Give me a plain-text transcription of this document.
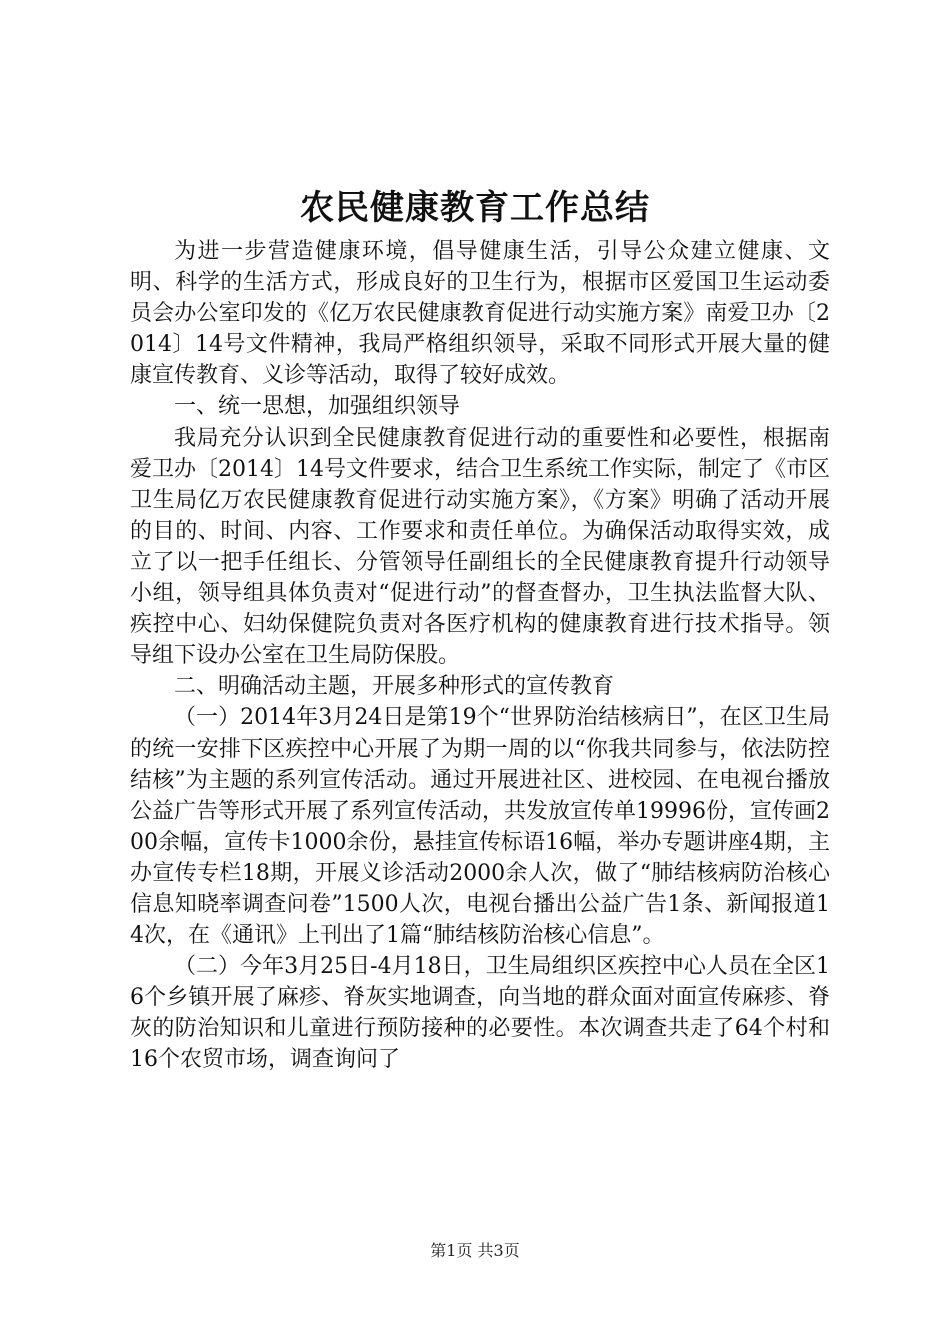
农民健康教育工作总结

为进一步营造健康环境，倡导健康生活，引导公众建立健康、文明、科学的生活方式，形成良好的卫生行为，根据市区爱国卫生运动委员会办公室印发的《亿万农民健康教育促进行动实施方案》南爱卫办〔2014〕14号文件精神，我局严格组织领导，采取不同形式开展大量的健康宣传教育、义诊等活动，取得了较好成效。

一、统一思想，加强组织领导

我局充分认识到全民健康教育促进行动的重要性和必要性，根据南爱卫办〔2014〕14号文件要求，结合卫生系统工作实际，制定了《市区卫生局亿万农民健康教育促进行动实施方案》，《方案》明确了活动开展的目的、时间、内容、工作要求和责任单位。为确保活动取得实效，成立了以一把手任组长、分管领导任副组长的全民健康教育提升行动领导小组，领导组具体负责对“促进行动”的督查督办，卫生执法监督大队、疾控中心、妇幼保健院负责对各医疗机构的健康教育进行技术指导。领导组下设办公室在卫生局防保股。

二、明确活动主题，开展多种形式的宣传教育

（一）2014年3月24日是第19个“世界防治结核病日”，在区卫生局的统一安排下区疾控中心开展了为期一周的以“你我共同参与，依法防控结核”为主题的系列宣传活动。通过开展进社区、进校园、在电视台播放公益广告等形式开展了系列宣传活动，共发放宣传单19996份，宣传画200余幅，宣传卡1000余份，悬挂宣传标语16幅，举办专题讲座4期，主办宣传专栏18期，开展义诊活动2000余人次，做了“肺结核病防治核心信息知晓率调查问卷”1500人次，电视台播出公益广告1条、新闻报道14次，在《通讯》上刊出了1篇“肺结核防治核心信息”。

（二）今年3月25日-4月18日，卫生局组织区疾控中心人员在全区16个乡镇开展了麻疹、脊灰实地调查，向当地的群众面对面宣传麻疹、脊灰的防治知识和儿童进行预防接种的必要性。本次调查共走了64个村和16个农贸市场，调查询问了

第1页 共3页
